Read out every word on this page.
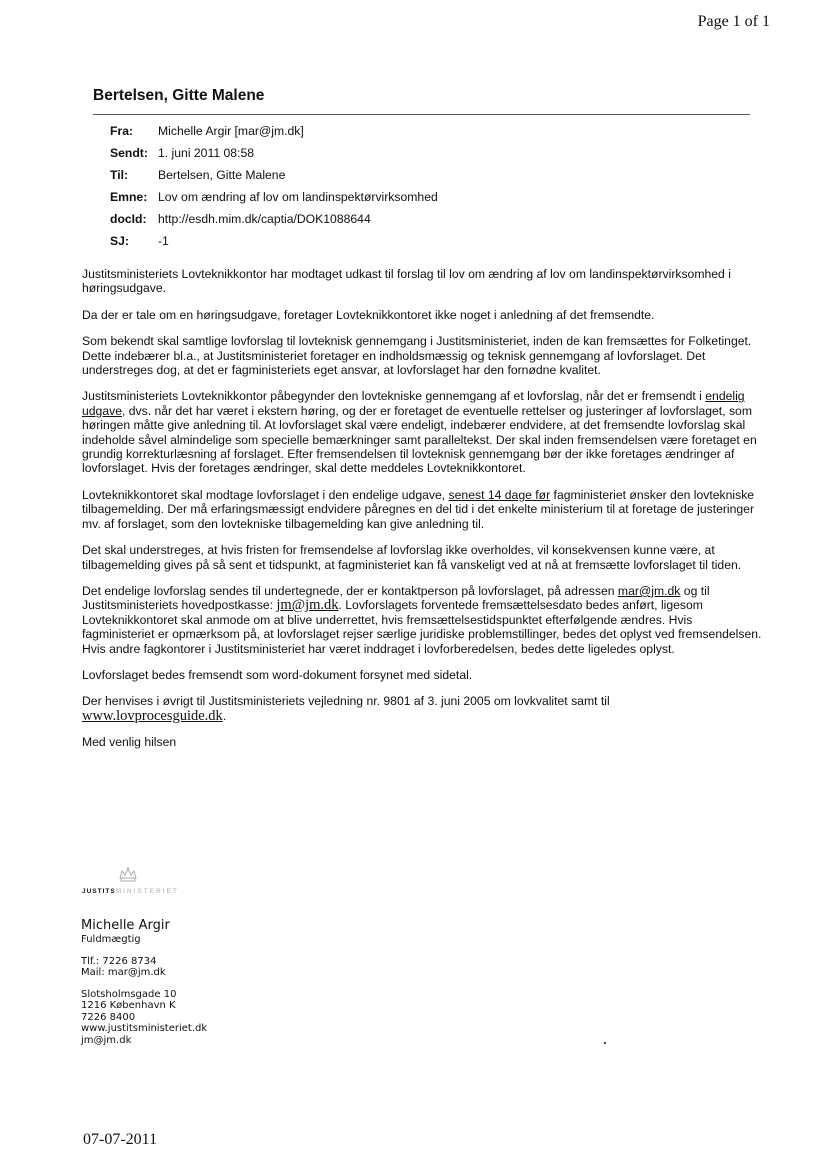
Page 1 of 1
Bertelsen, Gitte Malene
Fra: Michelle Argir [mar@jm.dk]
Sendt: 1. juni 2011 08:58
Til: Bertelsen, Gitte Malene
Emne: Lov om ændring af lov om landinspektørvirksomhed
docId: http://esdh.mim.dk/captia/DOK1088644
SJ: -1

Justitsministeriets Lovteknikkontor har modtaget udkast til forslag til lov om ændring af lov om landinspektørvirksomhed i høringsudgave.

Da der er tale om en høringsudgave, foretager Lovteknikkontoret ikke noget i anledning af det fremsendte.

Som bekendt skal samtlige lovforslag til lovteknisk gennemgang i Justitsministeriet, inden de kan fremsættes for Folketinget. Dette indebærer bl.a., at Justitsministeriet foretager en indholdsmæssig og teknisk gennemgang af lovforslaget. Det understreges dog, at det er fagministeriets eget ansvar, at lovforslaget har den fornødne kvalitet.

Justitsministeriets Lovteknikkontor påbegynder den lovtekniske gennemgang af et lovforslag, når det er fremsendt i endelig udgave, dvs. når det har været i ekstern høring, og der er foretaget de eventuelle rettelser og justeringer af lovforslaget, som høringen måtte give anledning til. At lovforslaget skal være endeligt, indebærer endvidere, at det fremsendte lovforslag skal indeholde såvel almindelige som specielle bemærkninger samt paralleltekst. Der skal inden fremsendelsen være foretaget en grundig korrekturlæsning af forslaget. Efter fremsendelsen til lovteknisk gennemgang bør der ikke foretages ændringer af lovforslaget. Hvis der foretages ændringer, skal dette meddeles Lovteknikkontoret.

Lovteknikkontoret skal modtage lovforslaget i den endelige udgave, senest 14 dage før fagministeriet ønsker den lovtekniske tilbagemelding. Der må erfaringsmæssigt endvidere påregnes en del tid i det enkelte ministerium til at foretage de justeringer mv. af forslaget, som den lovtekniske tilbagemelding kan give anledning til.

Det skal understreges, at hvis fristen for fremsendelse af lovforslag ikke overholdes, vil konsekvensen kunne være, at tilbagemelding gives på så sent et tidspunkt, at fagministeriet kan få vanskeligt ved at nå at fremsætte lovforslaget til tiden.

Det endelige lovforslag sendes til undertegnede, der er kontaktperson på lovforslaget, på adressen mar@jm.dk og til Justitsministeriets hovedpostkasse: jm@jm.dk. Lovforslagets forventede fremsættelsesdato bedes anført, ligesom Lovteknikkontoret skal anmode om at blive underrettet, hvis fremsættelsestidspunktet efterfølgende ændres. Hvis fagministeriet er opmærksom på, at lovforslaget rejser særlige juridiske problemstillinger, bedes det oplyst ved fremsendelsen. Hvis andre fagkontorer i Justitsministeriet har været inddraget i lovforberedelsen, bedes dette ligeledes oplyst.

Lovforslaget bedes fremsendt som word-dokument forsynet med sidetal.

Der henvises i øvrigt til Justitsministeriets vejledning nr. 9801 af 3. juni 2005 om lovkvalitet samt til
www.lovprocesguide.dk.

Med venlig hilsen

JUSTITSMINISTERIET
Michelle Argir
Fuldmægtig
Tlf.: 7226 8734
Mail: mar@jm.dk
Slotsholmsgade 10
1216 København K
7226 8400
www.justitsministeriet.dk
jm@jm.dk
07-07-2011
